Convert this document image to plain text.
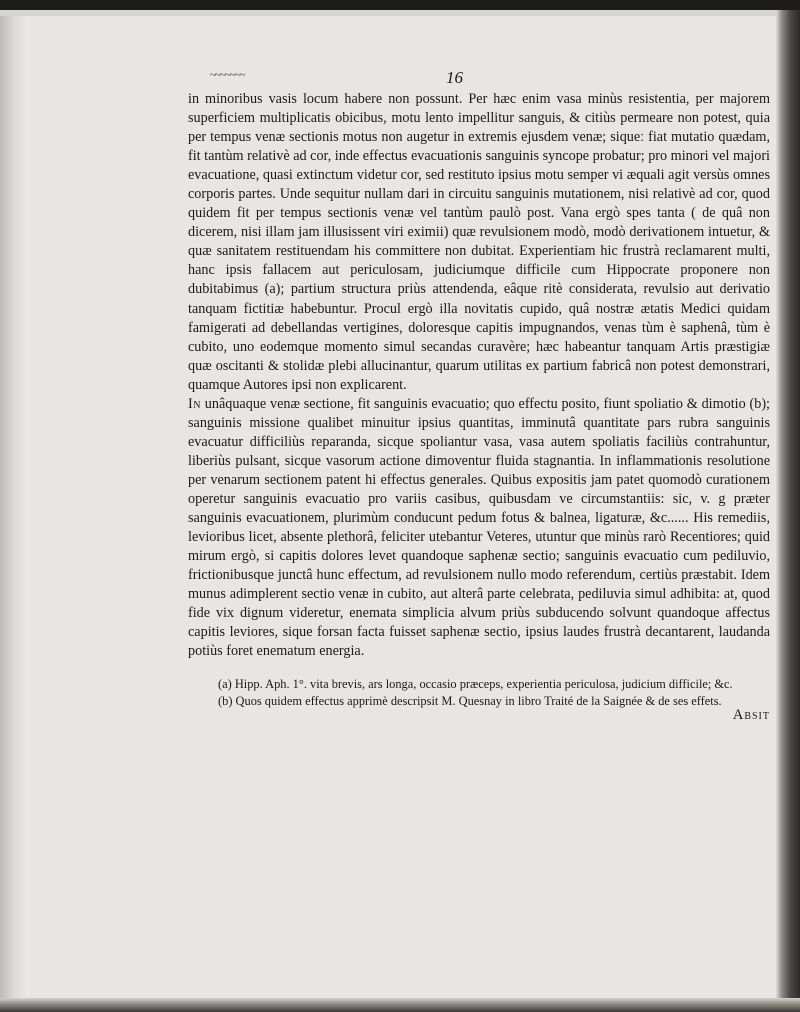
~~~~~~~	16

in minoribus vasis locum habere non possunt. Per hæc enim vasa minùs resistentia, per majorem superficiem multiplicatis obicibus, motu lento impellitur sanguis, & citiùs permeare non potest, quia per tempus venæ sectionis motus non augetur in extremis ejusdem venæ; siqueː fiat mutatio quædam, fit tantùm relativè ad cor, inde effectus evacuationis sanguinis syncope probatur; pro minori vel majori evacuatione, quasi extinctum videtur cor, sed restituto ipsius motu semper vi æquali agit versùs omnes corporis partes. Unde sequitur nullam dari in circuitu sanguinis mutationem, nisi relativè ad cor, quod quidem fit per tempus sectionis venæ vel tantùm paulò post. Vana ergò spes tanta ( de quâ non dicerem, nisi illam jam illusissent viri eximii) quæ revulsionem modò, modò derivationem intuetur, & quæ sanitatem restituendam his committere non dubitat. Experientiam hic frustrà reclamarent multi, hanc ipsis fallacem aut periculosam, judiciumque difficile cum Hippocrate proponere non dubitabimus (a); partium structura priùs attendenda, eâque ritè considerata, revulsio aut derivatio tanquam fictitiæ habebuntur. Procul ergò illa novitatis cupido, quâ nostræ ætatis Medici quidam famigerati ad debellandas vertigines, doloresque capitis impugnandos, venas tùm è saphenâ, tùm è cubito, uno eodemque momento simul secandas curavère; hæc habeantur tanquam Artis præstigiæ quæ oscitanti & stolidæ plebi allucinantur, quarum utilitas ex partium fabricâ non potest demonstrari, quamque Autores ipsi non explicarent.

In unâquaque venæ sectione, fit sanguinis evacuatio; quo effectu posito, fiunt spoliatio & dimotio (b); sanguinis missione qualibet minuitur ipsius quantitas, imminutâ quantitate pars rubra sanguinis evacuatur difficiliùs reparanda, sicque spoliantur vasa, vasa autem spoliatis faciliùs contrahuntur, liberiùs pulsant, sicque vasorum actione dimoventur fluida stagnantia. In inflammationis resolutione per venarum sectionem patent hi effectus generales. Quibus expositis jam patet quomodò curationem operetur sanguinis evacuatio pro variis casibus, quibusdam ve circumstantiis: sic, v. g præter sanguinis evacuationem, plurimùm conducunt pedum fotus & balnea, ligaturæ, &c...... His remediis, levioribus licet, absente plethorâ, feliciter utebantur Veteres, utuntur que minùs rarò Recentiores; quid mirum ergò, si capitis dolores levet quandoque saphenæ sectio; sanguinis evacuatio cum pediluvio, frictionibusque junctâ hunc effectum, ad revulsionem nullo modo referendum, certiùs præstabit. Idem munus adimplerent sectio venæ in cubito, aut alterâ parte celebrata, pediluvia simul adhibita: at, quod fide vix dignum videretur, enemata simplicia alvum priùs subducendo solvunt quandoque affectus capitis leviores, sique forsan facta fuisset saphenæ sectio, ipsius laudes frustrà decantarent, laudanda potiùs foret enematum energia.

(a) Hipp. Aph. 1°. vita brevis, ars longa, occasio præceps, experientia periculosa, judicium difficile; &c.

(b) Quos quidem effectus apprimè descripsit M. Quesnay in libro Traité de la Saignée & de ses effets.

Absit
